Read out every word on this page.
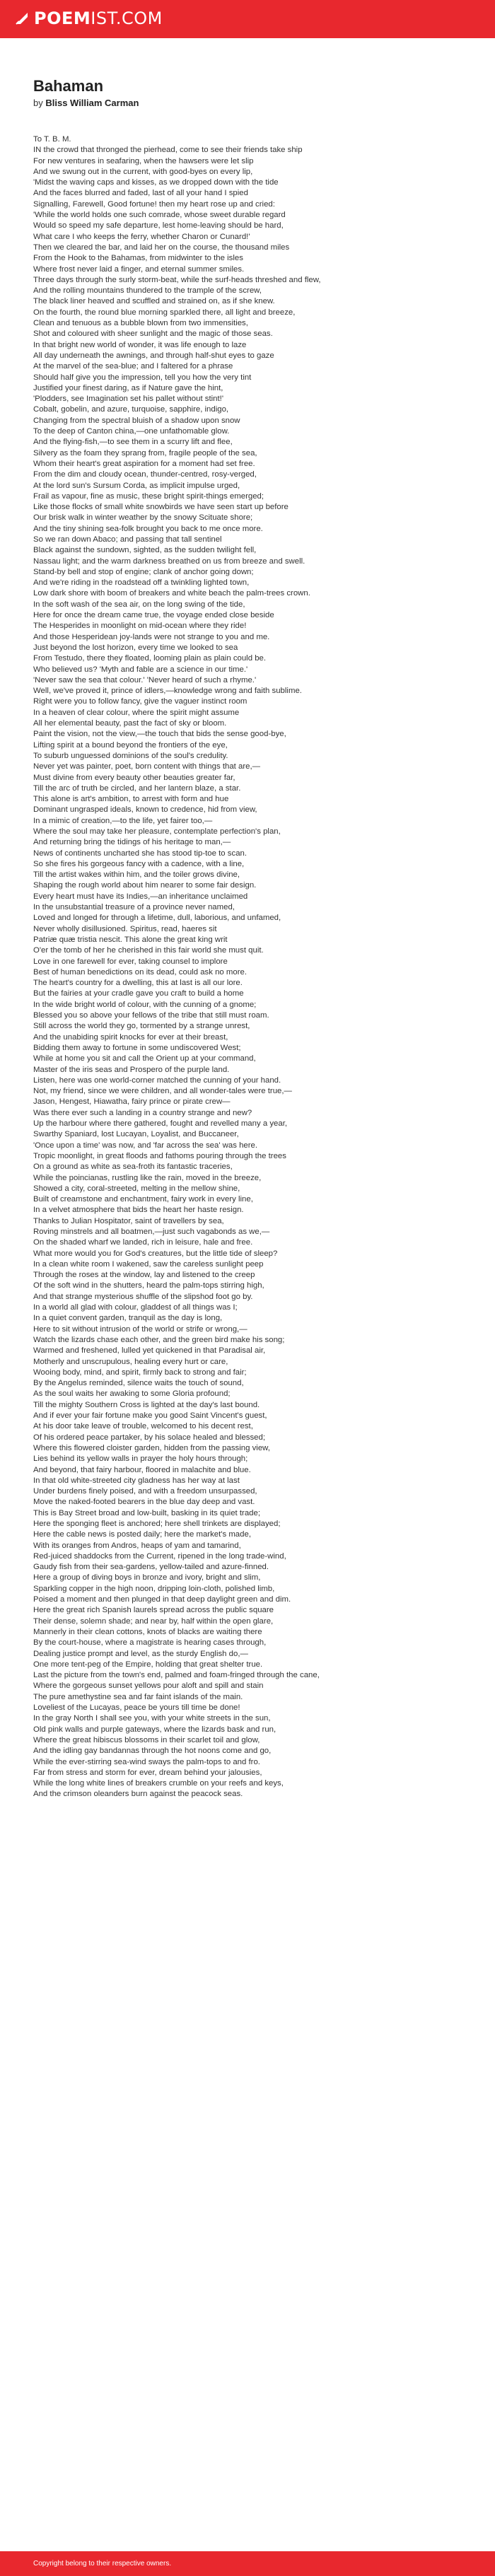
POEM IST.COM
Bahaman
by Bliss William Carman
To T. B. M.
IN the crowd that thronged the pierhead, come to see their friends take ship
For new ventures in seafaring, when the hawsers were let slip
And we swung out in the current, with good-byes on every lip,
'Midst the waving caps and kisses, as we dropped down with the tide
And the faces blurred and faded, last of all your hand I spied
Signalling, Farewell, Good fortune! then my heart rose up and cried:
'While the world holds one such comrade, whose sweet durable regard
Would so speed my safe departure, lest home-leaving should be hard,
What care I who keeps the ferry, whether Charon or Cunard!'
Then we cleared the bar, and laid her on the course, the thousand miles
From the Hook to the Bahamas, from midwinter to the isles
Where frost never laid a finger, and eternal summer smiles.
Three days through the surly storm-beat, while the surf-heads threshed and flew,
And the rolling mountains thundered to the trample of the screw,
The black liner heaved and scuffled and strained on, as if she knew.
On the fourth, the round blue morning sparkled there, all light and breeze,
Clean and tenuous as a bubble blown from two immensities,
Shot and coloured with sheer sunlight and the magic of those seas.
In that bright new world of wonder, it was life enough to laze
All day underneath the awnings, and through half-shut eyes to gaze
At the marvel of the sea-blue; and I faltered for a phrase
Should half give you the impression, tell you how the very tint
Justified your finest daring, as if Nature gave the hint,
'Plodders, see Imagination set his pallet without stint!'
Cobalt, gobelin, and azure, turquoise, sapphire, indigo,
Changing from the spectral bluish of a shadow upon snow
To the deep of Canton china,—one unfathomable glow.
And the flying-fish,—to see them in a scurry lift and flee,
Silvery as the foam they sprang from, fragile people of the sea,
Whom their heart's great aspiration for a moment had set free.
From the dim and cloudy ocean, thunder-centred, rosy-verged,
At the lord sun's Sursum Corda, as implicit impulse urged,
Frail as vapour, fine as music, these bright spirit-things emerged;
Like those flocks of small white snowbirds we have seen start up before
Our brisk walk in winter weather by the snowy Scituate shore;
And the tiny shining sea-folk brought you back to me once more.
So we ran down Abaco; and passing that tall sentinel
Black against the sundown, sighted, as the sudden twilight fell,
Nassau light; and the warm darkness breathed on us from breeze and swell.
Stand-by bell and stop of engine; clank of anchor going down;
And we're riding in the roadstead off a twinkling lighted town,
Low dark shore with boom of breakers and white beach the palm-trees crown.
In the soft wash of the sea air, on the long swing of the tide,
Here for once the dream came true, the voyage ended close beside
The Hesperides in moonlight on mid-ocean where they ride!
And those Hesperidean joy-lands were not strange to you and me.
Just beyond the lost horizon, every time we looked to sea
From Testudo, there they floated, looming plain as plain could be.
Who believed us? 'Myth and fable are a science in our time.'
'Never saw the sea that colour.' 'Never heard of such a rhyme.'
Well, we've proved it, prince of idlers,—knowledge wrong and faith sublime.
Right were you to follow fancy, give the vaguer instinct room
In a heaven of clear colour, where the spirit might assume
All her elemental beauty, past the fact of sky or bloom.
Paint the vision, not the view,—the touch that bids the sense good-bye,
Lifting spirit at a bound beyond the frontiers of the eye,
To suburb unguessed dominions of the soul's credulity.
Never yet was painter, poet, born content with things that are,—
Must divine from every beauty other beauties greater far,
Till the arc of truth be circled, and her lantern blaze, a star.
This alone is art's ambition, to arrest with form and hue
Dominant ungrasped ideals, known to credence, hid from view,
In a mimic of creation,—to the life, yet fairer too,—
Where the soul may take her pleasure, contemplate perfection's plan,
And returning bring the tidings of his heritage to man,—
News of continents uncharted she has stood tip-toe to scan.
So she fires his gorgeous fancy with a cadence, with a line,
Till the artist wakes within him, and the toiler grows divine,
Shaping the rough world about him nearer to some fair design.
Every heart must have its Indies,—an inheritance unclaimed
In the unsubstantial treasure of a province never named,
Loved and longed for through a lifetime, dull, laborious, and unfamed,
Never wholly disillusioned. Spiritus, read, haeres sit
Patriæ quæ tristia nescit. This alone the great king writ
O'er the tomb of her he cherished in this fair world she must quit.
Love in one farewell for ever, taking counsel to implore
Best of human benedictions on its dead, could ask no more.
The heart's country for a dwelling, this at last is all our lore.
But the fairies at your cradle gave you craft to build a home
In the wide bright world of colour, with the cunning of a gnome;
Blessed you so above your fellows of the tribe that still must roam.
Still across the world they go, tormented by a strange unrest,
And the unabiding spirit knocks for ever at their breast,
Bidding them away to fortune in some undiscovered West;
While at home you sit and call the Orient up at your command,
Master of the iris seas and Prospero of the purple land.
Listen, here was one world-corner matched the cunning of your hand.
Not, my friend, since we were children, and all wonder-tales were true,—
Jason, Hengest, Hiawatha, fairy prince or pirate crew—
Was there ever such a landing in a country strange and new?
Up the harbour where there gathered, fought and revelled many a year,
Swarthy Spaniard, lost Lucayan, Loyalist, and Buccaneer,
'Once upon a time' was now, and 'far across the sea' was here.
Tropic moonlight, in great floods and fathoms pouring through the trees
On a ground as white as sea-froth its fantastic traceries,
While the poincianas, rustling like the rain, moved in the breeze,
Showed a city, coral-streeted, melting in the mellow shine,
Built of creamstone and enchantment, fairy work in every line,
In a velvet atmosphere that bids the heart her haste resign.
Thanks to Julian Hospitator, saint of travellers by sea,
Roving minstrels and all boatmen,—just such vagabonds as we,—
On the shaded wharf we landed, rich in leisure, hale and free.
What more would you for God's creatures, but the little tide of sleep?
In a clean white room I wakened, saw the careless sunlight peep
Through the roses at the window, lay and listened to the creep
Of the soft wind in the shutters, heard the palm-tops stirring high,
And that strange mysterious shuffle of the slipshod foot go by.
In a world all glad with colour, gladdest of all things was I;
In a quiet convent garden, tranquil as the day is long,
Here to sit without intrusion of the world or strife or wrong,—
Watch the lizards chase each other, and the green bird make his song;
Warmed and freshened, lulled yet quickened in that Paradisal air,
Motherly and unscrupulous, healing every hurt or care,
Wooing body, mind, and spirit, firmly back to strong and fair;
By the Angelus reminded, silence waits the touch of sound,
As the soul waits her awaking to some Gloria profound;
Till the mighty Southern Cross is lighted at the day's last bound.
And if ever your fair fortune make you good Saint Vincent's guest,
At his door take leave of trouble, welcomed to his decent rest,
Of his ordered peace partaker, by his solace healed and blessed;
Where this flowered cloister garden, hidden from the passing view,
Lies behind its yellow walls in prayer the holy hours through;
And beyond, that fairy harbour, floored in malachite and blue.
In that old white-streeted city gladness has her way at last
Under burdens finely poised, and with a freedom unsurpassed,
Move the naked-footed bearers in the blue day deep and vast.
This is Bay Street broad and low-built, basking in its quiet trade;
Here the sponging fleet is anchored; here shell trinkets are displayed;
Here the cable news is posted daily; here the market's made,
With its oranges from Andros, heaps of yam and tamarind,
Red-juiced shaddocks from the Current, ripened in the long trade-wind,
Gaudy fish from their sea-gardens, yellow-tailed and azure-finned.
Here a group of diving boys in bronze and ivory, bright and slim,
Sparkling copper in the high noon, dripping loin-cloth, polished limb,
Poised a moment and then plunged in that deep daylight green and dim.
Here the great rich Spanish laurels spread across the public square
Their dense, solemn shade; and near by, half within the open glare,
Mannerly in their clean cottons, knots of blacks are waiting there
By the court-house, where a magistrate is hearing cases through,
Dealing justice prompt and level, as the sturdy English do,—
One more tent-peg of the Empire, holding that great shelter true.
Last the picture from the town's end, palmed and foam-fringed through the cane,
Where the gorgeous sunset yellows pour aloft and spill and stain
The pure amethystine sea and far faint islands of the main.
Loveliest of the Lucayas, peace be yours till time be done!
In the gray North I shall see you, with your white streets in the sun,
Old pink walls and purple gateways, where the lizards bask and run,
Where the great hibiscus blossoms in their scarlet toil and glow,
And the idling gay bandannas through the hot noons come and go,
While the ever-stirring sea-wind sways the palm-tops to and fro.
Far from stress and storm for ever, dream behind your jalousies,
While the long white lines of breakers crumble on your reefs and keys,
And the crimson oleanders burn against the peacock seas.
Copyright belong to their respective owners.
